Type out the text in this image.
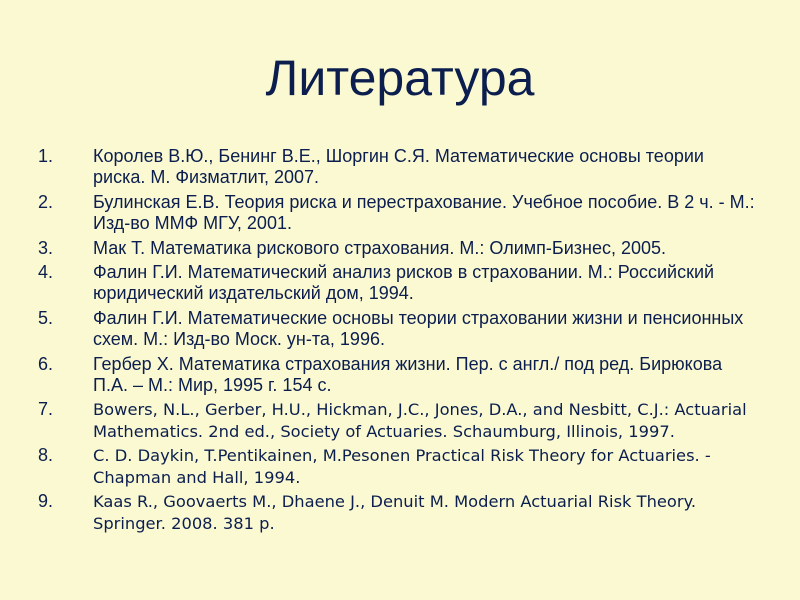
Литература
1.	Королев В.Ю., Бенинг В.Е., Шоргин С.Я. Математические основы теории риска. М. Физматлит, 2007.
2.	Булинская Е.В. Теория риска и перестрахование. Учебное пособие. В 2 ч. - М.: Изд-во ММФ МГУ, 2001.
3.	Мак Т. Математика рискового страхования. М.: Олимп-Бизнес, 2005.
4.	Фалин Г.И. Математический анализ рисков в страховании. М.: Российский юридический издательский дом, 1994.
5.	Фалин Г.И. Математические основы теории страховании жизни и пенсионных схем. М.: Изд-во Моск. ун-та, 1996.
6.	Гербер Х. Математика страхования жизни. Пер. с англ./ под ред. Бирюкова П.А. – М.: Мир, 1995 г. 154 с.
7.	Bowers, N.L., Gerber, H.U., Hickman, J.C., Jones, D.A., and Nesbitt, C.J.: Actuarial Mathematics. 2nd ed., Society of Actuaries. Schaumburg, Illinois, 1997.
8.	C. D. Daykin, T.Pentikainen, M.Pesonen Practical Risk Theory for Actuaries. - Chapman and Hall, 1994.
9.	Kaas R., Goovaerts M., Dhaene J., Denuit M. Modern Actuarial Risk Theory. Springer. 2008. 381 p.
